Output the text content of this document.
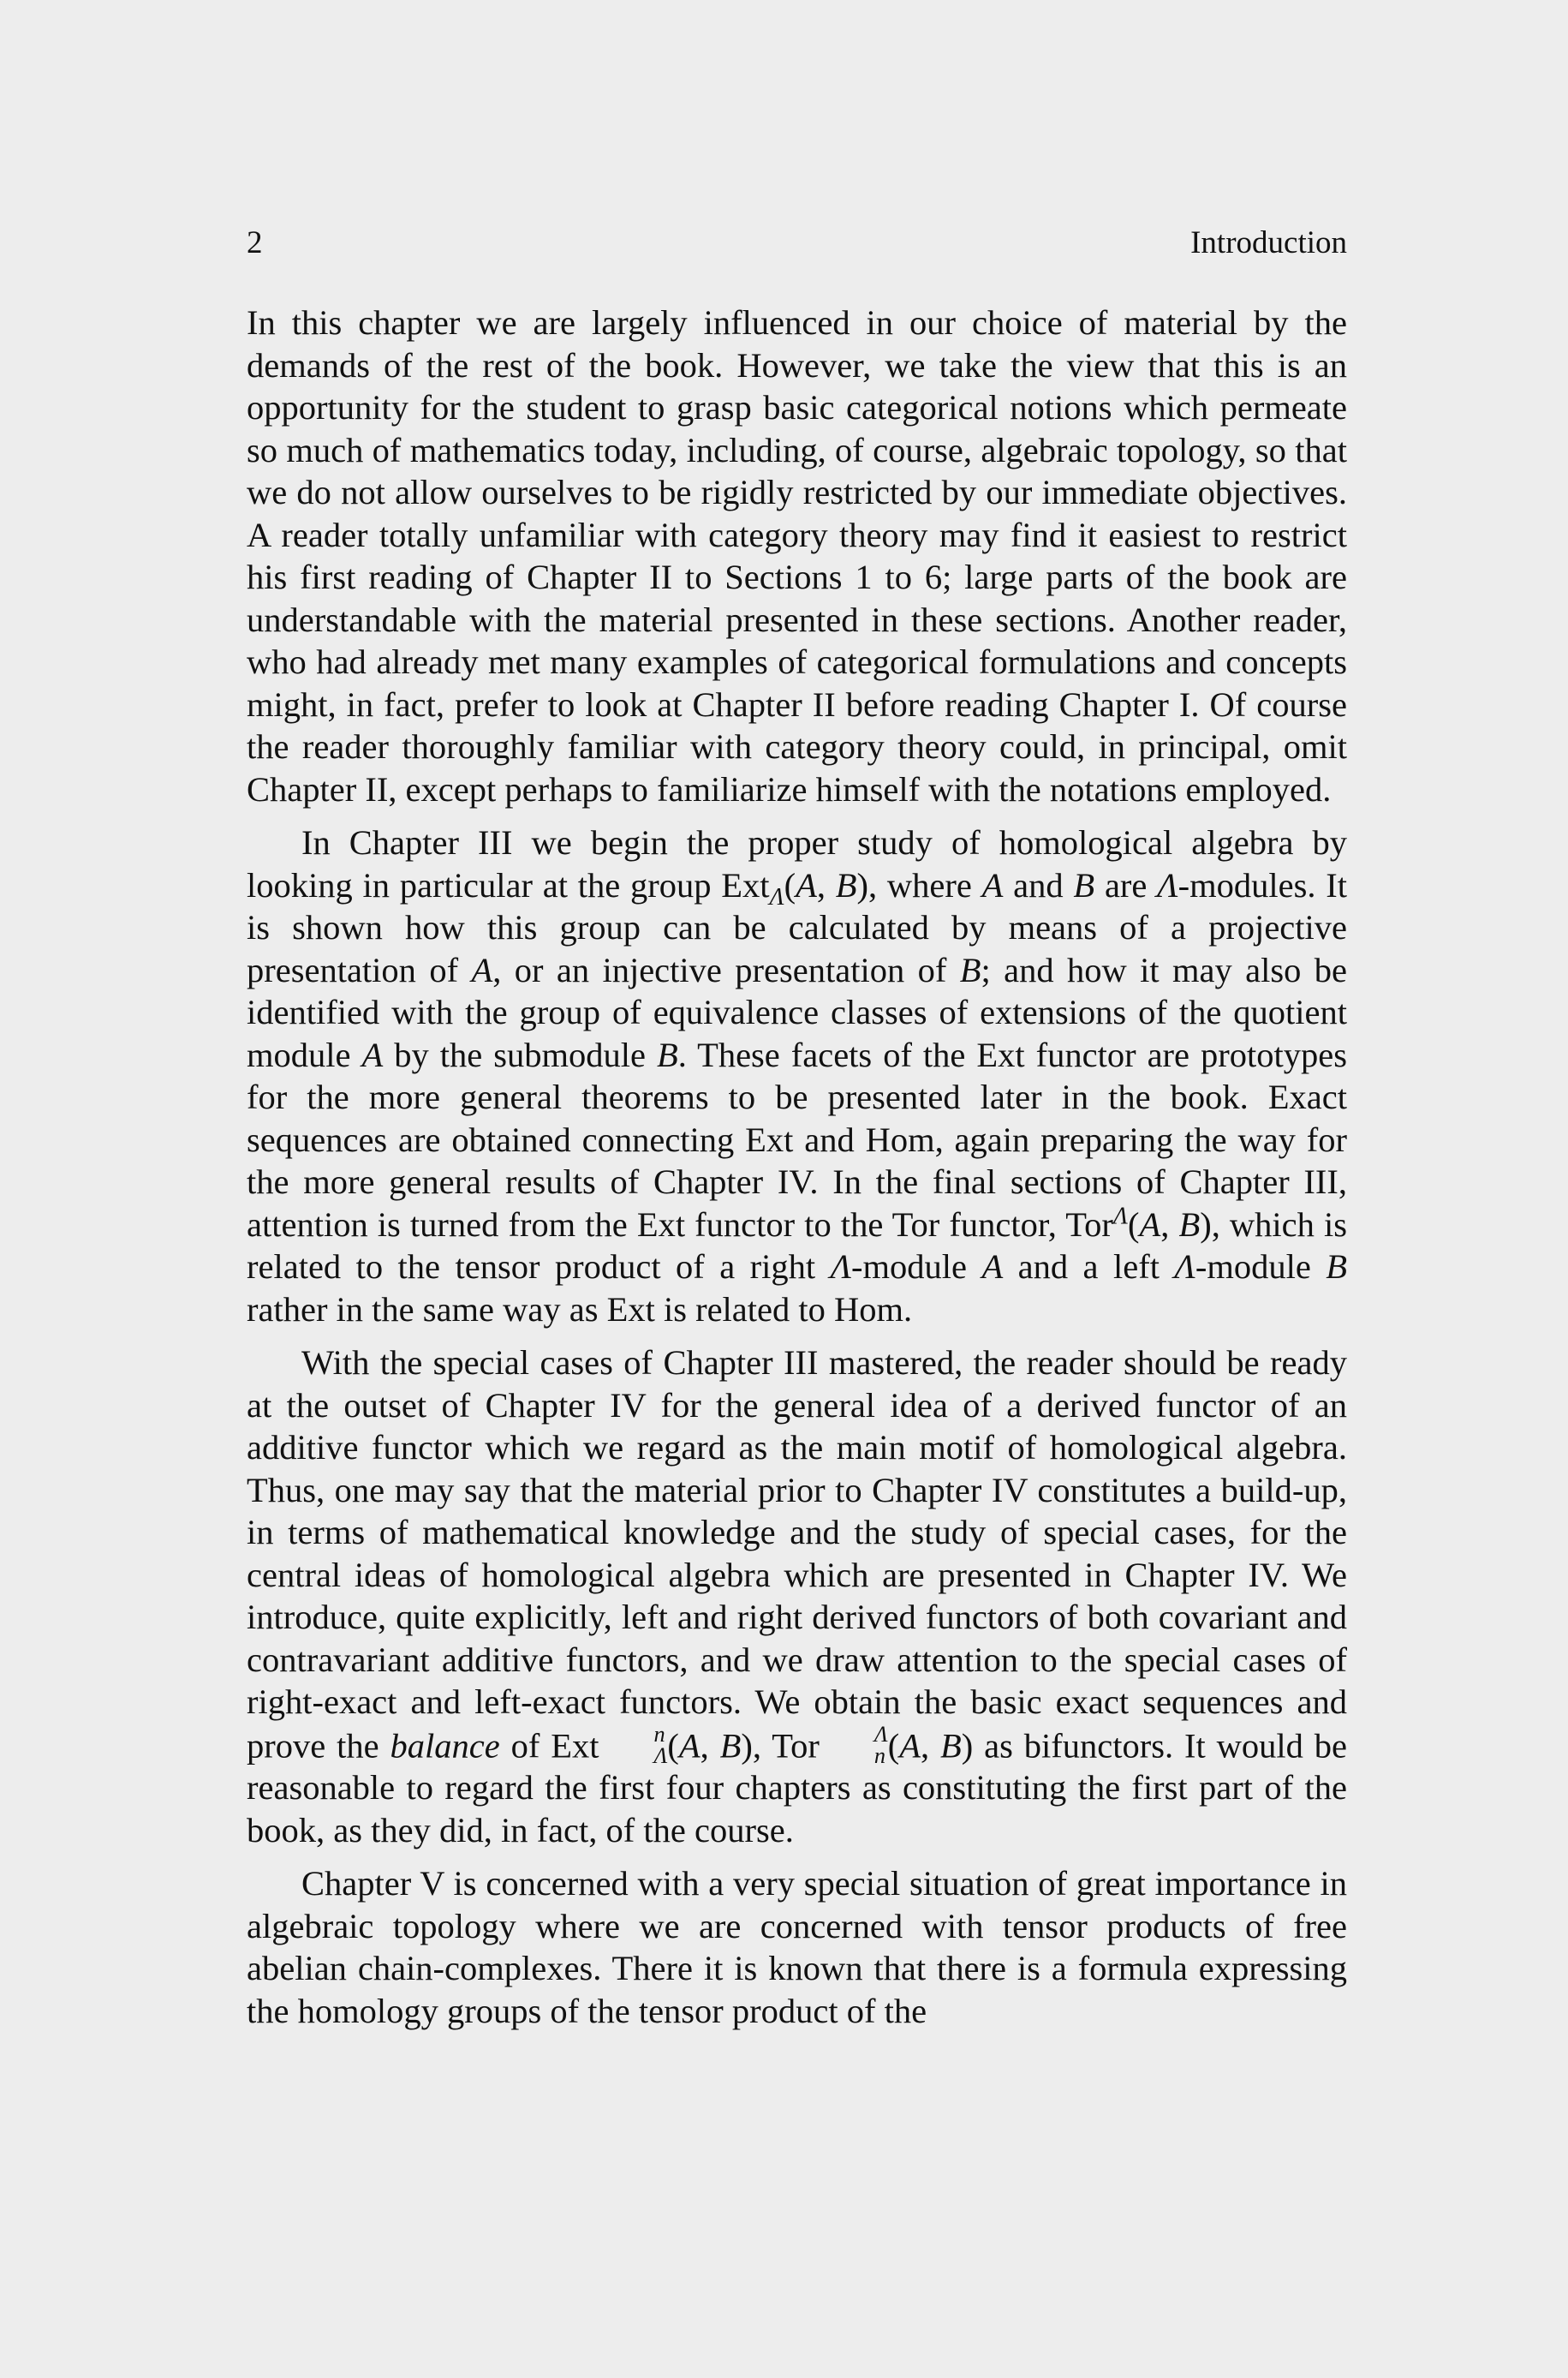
2	Introduction

In this chapter we are largely influenced in our choice of material by the demands of the rest of the book. However, we take the view that this is an opportunity for the student to grasp basic categorical notions which permeate so much of mathematics today, including, of course, algebraic topology, so that we do not allow ourselves to be rigidly restricted by our immediate objectives. A reader totally unfamiliar with category theory may find it easiest to restrict his first reading of Chapter II to Sections 1 to 6; large parts of the book are understandable with the material presented in these sections. Another reader, who had already met many examples of categorical formulations and concepts might, in fact, prefer to look at Chapter II before reading Chapter I. Of course the reader thoroughly familiar with category theory could, in principal, omit Chapter II, except perhaps to familiarize himself with the notations employed.

In Chapter III we begin the proper study of homological algebra by looking in particular at the group Ext$_\Lambda$(A, B), where A and B are Λ-modules. It is shown how this group can be calculated by means of a projective presentation of A, or an injective presentation of B; and how it may also be identified with the group of equivalence classes of extensions of the quotient module A by the submodule B. These facets of the Ext functor are prototypes for the more general theorems to be presented later in the book. Exact sequences are obtained connecting Ext and Hom, again preparing the way for the more general results of Chapter IV. In the final sections of Chapter III, attention is turned from the Ext functor to the Tor functor, Tor$^\Lambda$(A, B), which is related to the tensor product of a right Λ-module A and a left Λ-module B rather in the same way as Ext is related to Hom.

With the special cases of Chapter III mastered, the reader should be ready at the outset of Chapter IV for the general idea of a derived functor of an additive functor which we regard as the main motif of homological algebra. Thus, one may say that the material prior to Chapter IV constitutes a build-up, in terms of mathematical knowledge and the study of special cases, for the central ideas of homological algebra which are presented in Chapter IV. We introduce, quite explicitly, left and right derived functors of both covariant and contravariant additive functors, and we draw attention to the special cases of right-exact and left-exact functors. We obtain the basic exact sequences and prove the balance of Ext	n
Λ (A, B), Tor	Λ
n (A, B) as bifunctors. It would be reasonable to regard the first four chapters as constituting the first part of the book, as they did, in fact, of the course.

Chapter V is concerned with a very special situation of great importance in algebraic topology where we are concerned with tensor products of free abelian chain-complexes. There it is known that there is a formula expressing the homology groups of the tensor product of the
